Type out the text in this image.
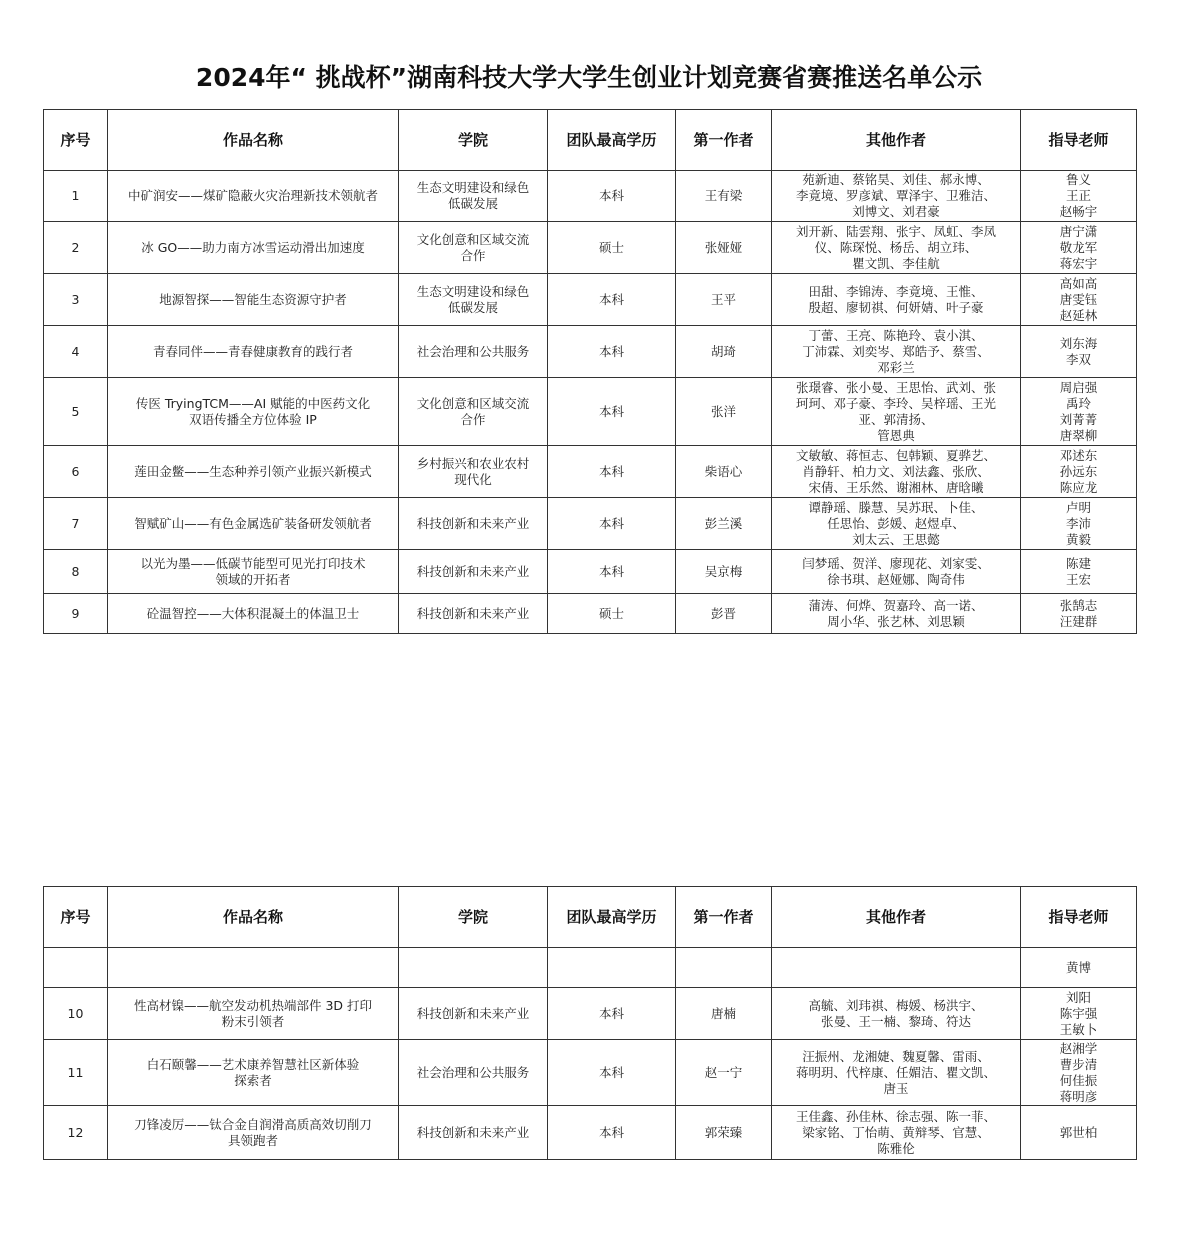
2024年“ 挑战杯”湖南科技大学大学生创业计划竞赛省赛推送名单公示
序号	作品名称	学院	团队最高学历	第一作者	其他作者	指导老师
1	中矿润安——煤矿隐蔽火灾治理新技术领航者	生态文明建设和绿色
低碳发展	本科	王有梁	苑新迪、蔡铭昊、刘佳、郝永博、
李竟境、罗彦斌、覃泽宇、卫雅洁、
刘博文、刘君豪	鲁义
王正
赵畅宇
2	冰 GO——助力南方冰雪运动滑出加速度	文化创意和区域交流
合作	硕士	张娅娅	刘开新、陆雲翔、张宇、凤虹、李凤
仪、陈琛悦、杨岳、胡立玮、
瞿文凯、李佳航	唐宁潇
敬龙军
蒋宏宇
3	地源智探——智能生态资源守护者	生态文明建设和绿色
低碳发展	本科	王平	田甜、李锦涛、李竟境、王惟、
殷超、廖韧祺、何妍婧、叶子豪	高如高
唐雯钰
赵延林
4	青春同伴——青春健康教育的践行者	社会治理和公共服务	本科	胡琦	丁蕾、王亮、陈艳玲、袁小淇、
丁沛霖、刘奕岑、郑皓予、蔡雪、
邓彩兰	刘东海
李双
5	传医 TryingTCM——AI 赋能的中医药文化
双语传播全方位体验 IP	文化创意和区域交流
合作	本科	张洋	张璟睿、张小曼、王思怡、武刘、张
珂珂、邓子豪、李玲、吴梓瑶、王光
亚、郭清扬、
管恩典	周启强
禹玲
刘菁菁
唐翠柳
6	莲田金鳖——生态种养引领产业振兴新模式	乡村振兴和农业农村
现代化	本科	柴语心	文敏敏、蒋恒志、包韩颖、夏骅艺、
肖静轩、柏力文、刘法鑫、张欣、
宋倩、王乐然、谢湘林、唐晗曦	邓述东
孙远东
陈应龙
7	智赋矿山——有色金属选矿装备研发领航者	科技创新和未来产业	本科	彭兰溪	谭静瑶、滕慧、吴苏珉、卜佳、
任思怡、彭媛、赵煜卓、
刘太云、王思懿	卢明
李沛
黄毅
8	以光为墨——低碳节能型可见光打印技术
领域的开拓者	科技创新和未来产业	本科	吴京梅	闫梦瑶、贺洋、廖现花、刘家雯、
徐书琪、赵娅娜、陶奇伟	陈建
王宏
9	砼温智控——大体积混凝土的体温卫士	科技创新和未来产业	硕士	彭晋	蒲涛、何烨、贺嘉玲、高一诺、
周小华、张艺林、刘思颖	张鹄志
汪建群
序号	作品名称	学院	团队最高学历	第一作者	其他作者	指导老师
						黄博
10	性高材镍——航空发动机热端部件 3D 打印
粉末引领者	科技创新和未来产业	本科	唐楠	高毓、刘玮祺、梅媛、杨洪宇、
张曼、王一楠、黎琦、符达	刘阳
陈宇强
王敏卜
11	白石颐馨——艺术康养智慧社区新体验
探索者	社会治理和公共服务	本科	赵一宁	汪振州、龙湘婕、魏夏馨、雷雨、
蒋明玥、代梓康、任媚洁、瞿文凯、
唐玉	赵湘学
曹步清
何佳振
蒋明彦
12	刀锋凌厉——钛合金自润滑高质高效切削刀
具领跑者	科技创新和未来产业	本科	郭荣臻	王佳鑫、孙佳林、徐志强、陈一菲、
梁家铭、丁怡萌、黄辩琴、官慧、
陈雅伦	郭世柏
